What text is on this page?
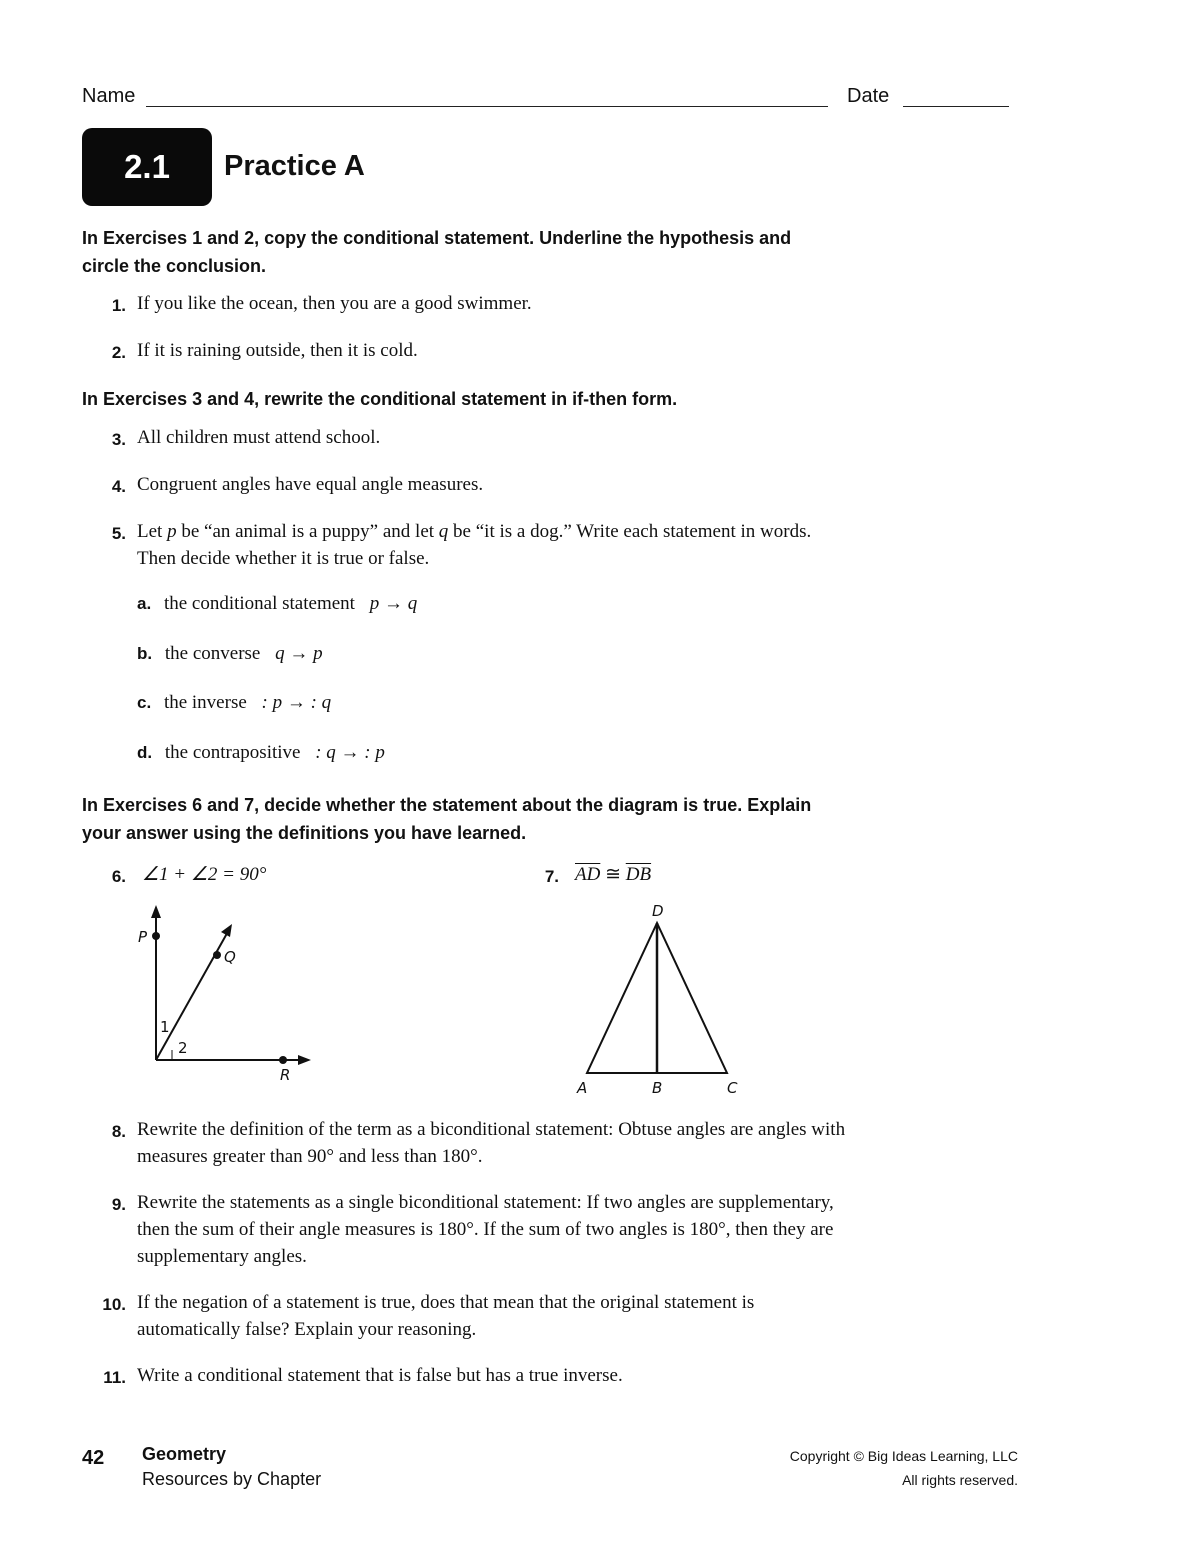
Name	Date
2.1	Practice A
In Exercises 1 and 2, copy the conditional statement. Underline the hypothesis and circle the conclusion.
1. If you like the ocean, then you are a good swimmer.
2. If it is raining outside, then it is cold.
In Exercises 3 and 4, rewrite the conditional statement in if-then form.
3. All children must attend school.
4. Congruent angles have equal angle measures.
5. Let p be “an animal is a puppy” and let q be “it is a dog.” Write each statement in words. Then decide whether it is true or false.
a. the conditional statement p → q
b. the converse q → p
c. the inverse : p → : q
d. the contrapositive : q → : p
In Exercises 6 and 7, decide whether the statement about the diagram is true. Explain your answer using the definitions you have learned.
6. ∠1 + ∠2 = 90°	7. $\overline{AD}$ ≅ $\overline{DB}$
P
Q
R
1
2
D
A	B	C
8. Rewrite the definition of the term as a biconditional statement: Obtuse angles are angles with measures greater than 90° and less than 180°.
9. Rewrite the statements as a single biconditional statement: If two angles are supplementary, then the sum of their angle measures is 180°. If the sum of two angles is 180°, then they are supplementary angles.
10. If the negation of a statement is true, does that mean that the original statement is automatically false? Explain your reasoning.
11. Write a conditional statement that is false but has a true inverse.
42 Geometry
Resources by Chapter
Copyright © Big Ideas Learning, LLC
All rights reserved.
